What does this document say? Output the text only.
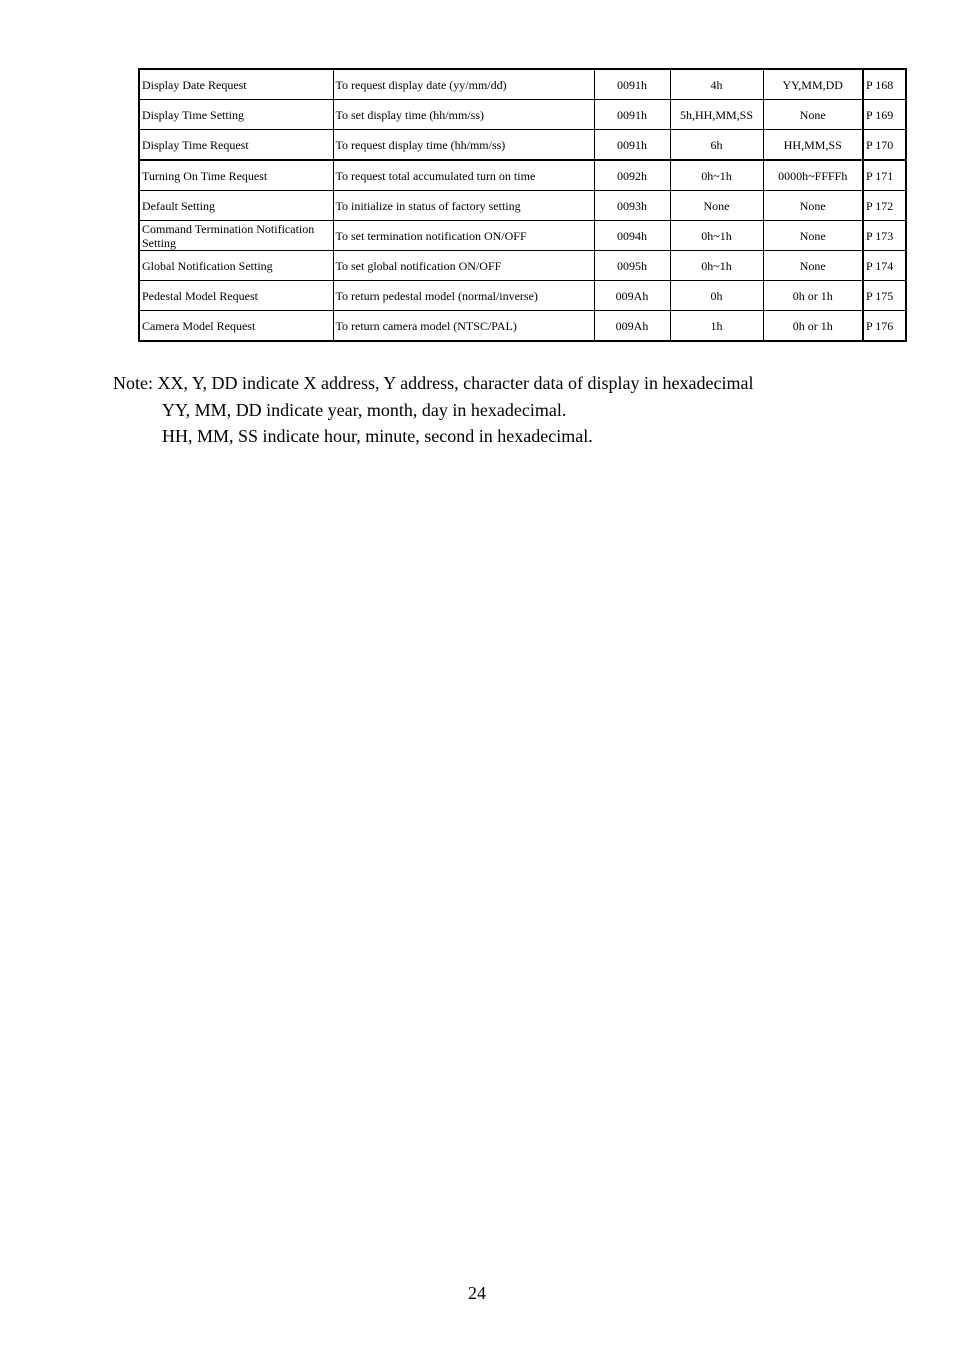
Display Date Request	To request display date (yy/mm/dd)	0091h	4h	YY,MM,DD	P 168
Display Time Setting	To set display time (hh/mm/ss)	0091h	5h,HH,MM,SS	None	P 169
Display Time Request	To request display time (hh/mm/ss)	0091h	6h	HH,MM,SS	P 170
Turning On Time Request	To request total accumulated turn on time	0092h	0h~1h	0000h~FFFFh	P 171
Default Setting	To initialize in status of factory setting	0093h	None	None	P 172
Command Termination Notification Setting	To set termination notification ON/OFF	0094h	0h~1h	None	P 173
Global Notification Setting	To set global notification ON/OFF	0095h	0h~1h	None	P 174
Pedestal Model Request	To return pedestal model (normal/inverse)	009Ah	0h	0h or 1h	P 175
Camera Model Request	To return camera model (NTSC/PAL)	009Ah	1h	0h or 1h	P 176
Note: XX, Y, DD indicate X address, Y address, character data of display in hexadecimal
YY, MM, DD indicate year, month, day in hexadecimal.
HH, MM, SS indicate hour, minute, second in hexadecimal.
24
